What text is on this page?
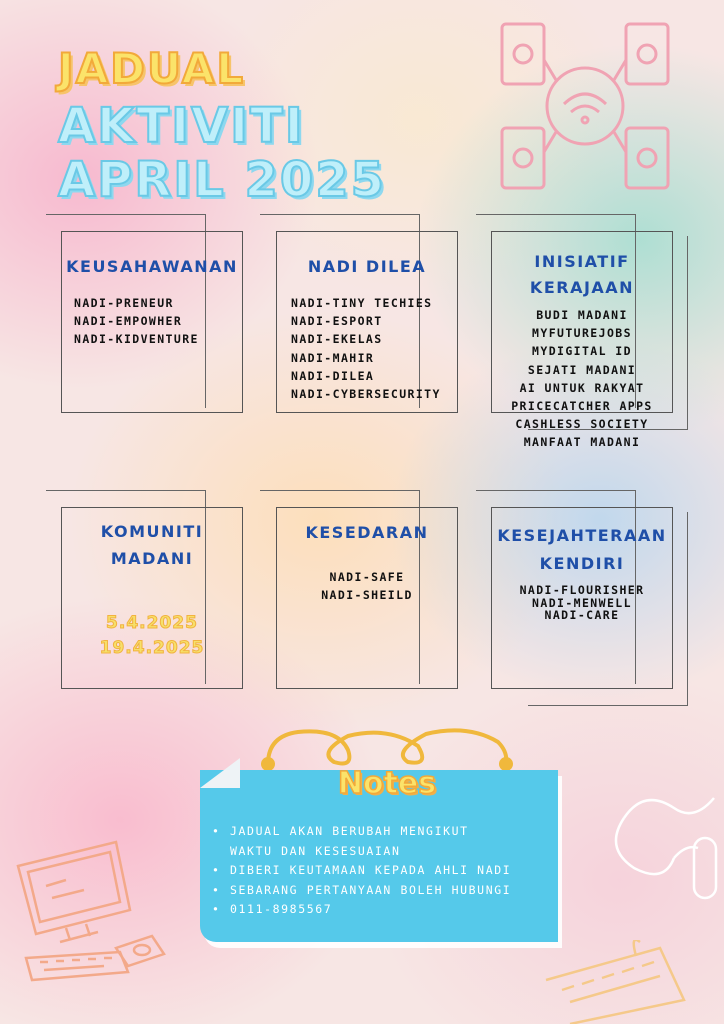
JADUAL
AKTIVITI
APRIL 2025
KEUSAHAWANAN
NADI-PRENEUR
NADI-EMPOWHER
NADI-KIDVENTURE
NADI DILEA
NADI-TINY TECHIES
NADI-ESPORT
NADI-EKELAS
NADI-MAHIR
NADI-DILEA
NADI-CYBERSECURITY
INISIATIF
KERAJAAN
BUDI MADANI
MYFUTUREJOBS
MYDIGITAL ID
SEJATI MADANI
AI UNTUK RAKYAT
PRICECATCHER APPS
CASHLESS SOCIETY
MANFAAT MADANI
KOMUNITI
MADANI
5.4.2025
19.4.2025
KESEDARAN
NADI-SAFE
NADI-SHEILD
KESEJAHTERAAN
KENDIRI
NADI-FLOURISHER
NADI-MENWELL
NADI-CARE
Notes
• JADUAL AKAN BERUBAH MENGIKUT
WAKTU DAN KESESUAIAN
• DIBERI KEUTAMAAN KEPADA AHLI NADI
• SEBARANG PERTANYAAN BOLEH HUBUNGI
• 0111-8985567
